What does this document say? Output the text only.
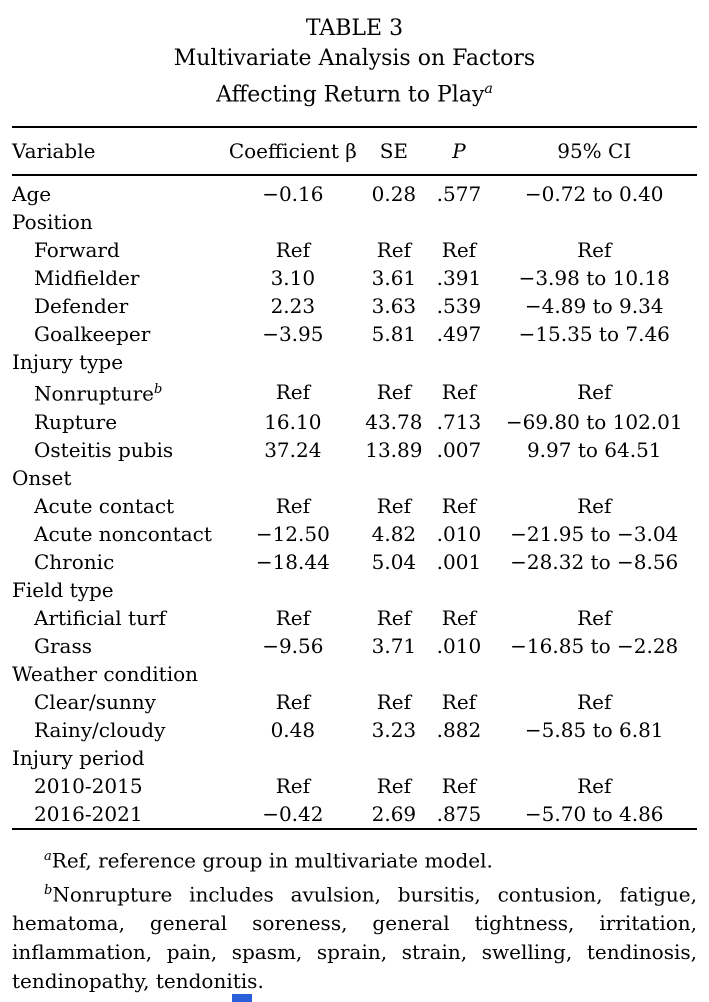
TABLE 3
Multivariate Analysis on Factors
Affecting Return to Play$^a$
Variable	Coefficient β	SE	P	95% CI
Age	−0.16	0.28	.577	−0.72 to 0.40
Position				
Forward	Ref	Ref	Ref	Ref
Midfielder	3.10	3.61	.391	−3.98 to 10.18
Defender	2.23	3.63	.539	−4.89 to 9.34
Goalkeeper	−3.95	5.81	.497	−15.35 to 7.46
Injury type				
Nonrupture$^b$	Ref	Ref	Ref	Ref
Rupture	16.10	43.78	.713	−69.80 to 102.01
Osteitis pubis	37.24	13.89	.007	9.97 to 64.51
Onset				
Acute contact	Ref	Ref	Ref	Ref
Acute noncontact	−12.50	4.82	.010	−21.95 to −3.04
Chronic	−18.44	5.04	.001	−28.32 to −8.56
Field type				
Artificial turf	Ref	Ref	Ref	Ref
Grass	−9.56	3.71	.010	−16.85 to −2.28
Weather condition				
Clear/sunny	Ref	Ref	Ref	Ref
Rainy/cloudy	0.48	3.23	.882	−5.85 to 6.81
Injury period				
2010-2015	Ref	Ref	Ref	Ref
2016-2021	−0.42	2.69	.875	−5.70 to 4.86

$^a$Ref, reference group in multivariate model.

$^b$Nonrupture includes avulsion, bursitis, contusion, fatigue, hematoma, general soreness, general tightness, irritation, inflammation, pain, spasm, sprain, strain, swelling, tendinosis, tendinopathy, tendonitis.
